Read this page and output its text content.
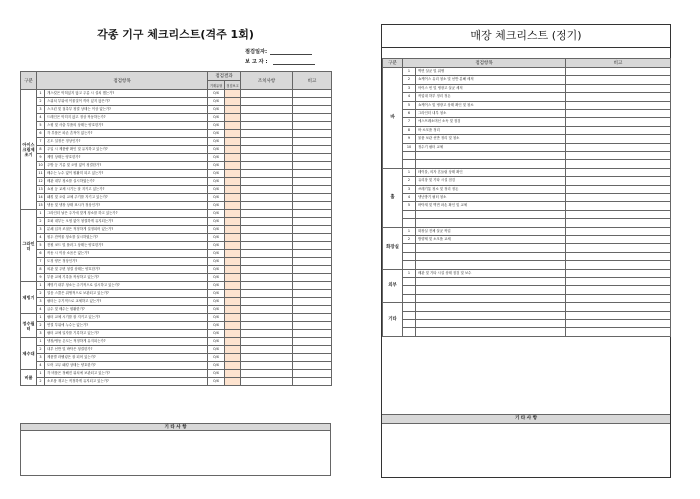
각종 기구 체크리스트(격주 1회)
점검일자:
보 고 자 :
구분	점검항목		점검결과		조치사항	비고
			기재유형	점검보고		
아이스크림제조기	1	개스킷은 막혀있지 않고 주름 시 설치 했는가?	O/X			
	2	스위치 부위에 이물질이 끼어 있지 않은가?	O/X			
	3	스크린 및 접촉부 청결 상태는 이상 없는가?	O/X			
	4	드레인은 막히지 않고 정상 작동하는가?	O/X			
	5	스윙 및 사출 부품의 상태는 양호한가?	O/X			
	6	각 부품은 파손 흔적이 없는가?	O/X			
	7	온도 설정은 정상인가?	O/X			
	8	주입 시 제품량 확인 및 유지하고 있는가?	O/X			
	9	제빙 상태는 양호한가?	O/X			
	10	주방 등 기름 및 오염 없이 청결한가?	O/X			
	11	배수는 누수 없이 원활히 되고 있는가?	O/X			
	12	배관 내부 청소를 실시하였는가?	O/X			
	13	쇼핑 등 교체 시기는 잘 지키고 있는가?	O/X			
	14	패킹 및 오링 교체 주기를 지키고 있는가?	O/X			
	15	냉동 및 냉장 상태 표시가 정상인가?	O/X			
그라인더	1	그라인더 날은 주기에 맞게 청소를 하고 있는가?	O/X			
	2	호퍼 내부는 오염 없이 청결하게 유지되는가?	O/X			
	3	분쇄 입자 조절은 적정하게 설정되어 있는가?	O/X			
	4	원두 잔여물 청소를 실시하였는가?	O/X			
	5	전원 코드 및 플러그 상태는 양호한가?	O/X			
	6	작동 시 이상 소음은 없는가?	O/X			
	7	도징 양은 정상인가?	O/X			
	8	외관 및 주변 청결 상태는 양호한가?	O/X			
	9	부품 교체 기록을 작성하고 있는가?	O/X			
제빙기	1	제빙기 내부 청소는 주기적으로 실시하고 있는가?	O/X			
	2	얼음 스쿱은 위생적으로 보관되고 있는가?	O/X			
	3	필터는 주기적으로 교체하고 있는가?	O/X			
	4	급수 및 배수는 원활한가?	O/X			
정수필터	1	필터 교체 시기를 잘 지키고 있는가?	O/X			
	2	연결 부위에 누수는 없는가?	O/X			
	3	필터 교체 일자를 기록하고 있는가?	O/X			
제수대	1	냉장/냉동 온도는 적정하게 유지되는가?	O/X			
	2	내부 선반 및 바닥은 청결한가?	O/X			
	3	제품별 라벨링은 잘 되어 있는가?	O/X			
	4	도어 고무 패킹 상태는 양호한가?	O/X			
비품	1	각 비품은 정해진 위치에 보관되고 있는가?	O/X			
	2	소모품 재고는 적정하게 유지되고 있는가?	O/X			
기 타 사 항
매장 체크리스트 (정기)
구분	점검항목		비고
바	1	벽면 살균 및 위생	
	2	쇼케이스 유리 청소 및 선반 분해 세척	
	3	아이스 빈 및 냉장고 살균 세척	
	4	작업대 하부 정리 정돈	
	5	쇼케이스 및 냉장고 상태 확인 및 청소	
	6	그라인더 내부 청소	
	7	에스프레소머신 소독 및 점검	
	8	바 소모품 정리	
	9	물품 보관 선반 정리 및 청소	
	10	정수기 필터 교체	

홀	1	테이블, 의자 흔들림 상태 확인	
	2	유리창 및 기타 시설 점검	
	3	쓰레기통 청소 및 정리 정돈	
	4	냉난방기 필터 청소	
	5	바닥재 및 벽면 파손 확인 및 교체	

화장실	1	화장실 전체 살균 작업	
	2	방향제 및 소모품 교체	

외부	1	배관 및 기타 시설 상태 점검 및 보수	

기타			

기 타 사 항
